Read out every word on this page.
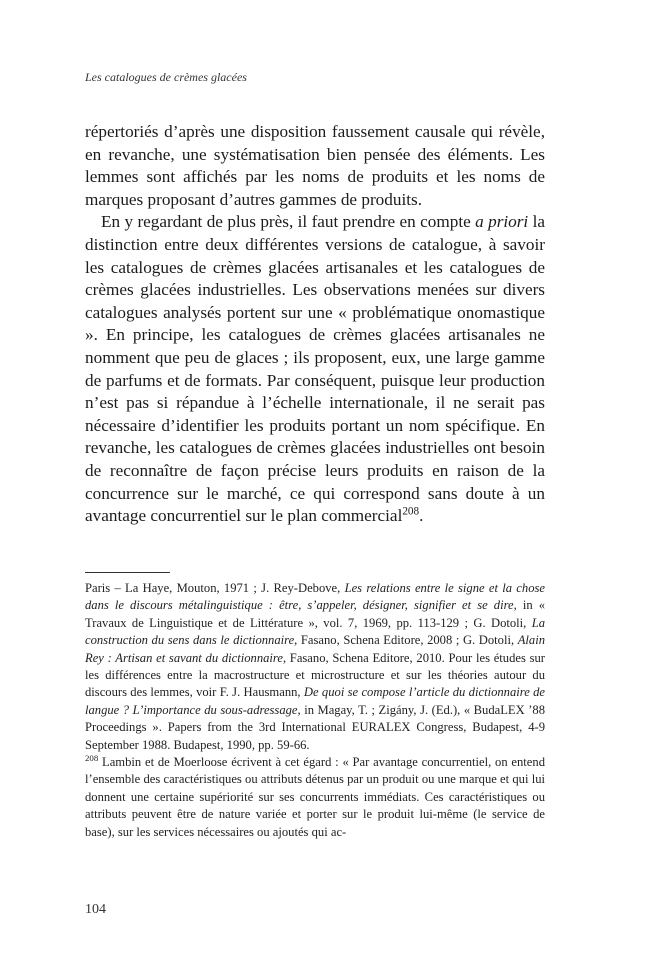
Les catalogues de crèmes glacées

répertoriés d’après une disposition faussement causale qui révèle, en revanche, une systématisation bien pensée des éléments. Les lemmes sont affichés par les noms de produits et les noms de marques proposant d’autres gammes de produits.

En y regardant de plus près, il faut prendre en compte a priori la distinction entre deux différentes versions de catalogue, à savoir les catalogues de crèmes glacées artisanales et les catalogues de crèmes glacées industrielles. Les observations menées sur divers catalogues analysés portent sur une « problématique onomastique ». En principe, les catalogues de crèmes glacées artisanales ne nomment que peu de glaces ; ils proposent, eux, une large gamme de parfums et de formats. Par conséquent, puisque leur production n’est pas si répandue à l’échelle internationale, il ne serait pas nécessaire d’identifier les produits portant un nom spécifique. En revanche, les catalogues de crèmes glacées industrielles ont besoin de reconnaître de façon précise leurs produits en raison de la concurrence sur le marché, ce qui correspond sans doute à un avantage concurrentiel sur le plan commercial$^{208}$.

Paris – La Haye, Mouton, 1971 ; J. Rey-Debove, Les relations entre le signe et la chose dans le discours métalinguistique : être, s’appeler, désigner, signifier et se dire, in « Travaux de Linguistique et de Littérature », vol. 7, 1969, pp. 113-129 ; G. Dotoli, La construction du sens dans le dictionnaire, Fasano, Schena Editore, 2008 ; G. Dotoli, Alain Rey : Artisan et savant du dictionnaire, Fasano, Schena Editore, 2010. Pour les études sur les différences entre la macrostructure et microstructure et sur les théories autour du discours des lemmes, voir F. J. Hausmann, De quoi se compose l’article du dictionnaire de langue ? L’importance du sous-adressage, in Magay, T. ; Zigány, J. (Ed.), « BudaLEX ’88 Proceedings ». Papers from the 3rd International EURALEX Congress, Budapest, 4-9 September 1988. Budapest, 1990, pp. 59-66.

$^{208}$ Lambin et de Moerloose écrivent à cet égard : « Par avantage concurrentiel, on entend l’ensemble des caractéristiques ou attributs détenus par un produit ou une marque et qui lui donnent une certaine supériorité sur ses concurrents immédiats. Ces caractéristiques ou attributs peuvent être de nature variée et porter sur le produit lui-même (le service de base), sur les services nécessaires ou ajoutés qui ac-

104
